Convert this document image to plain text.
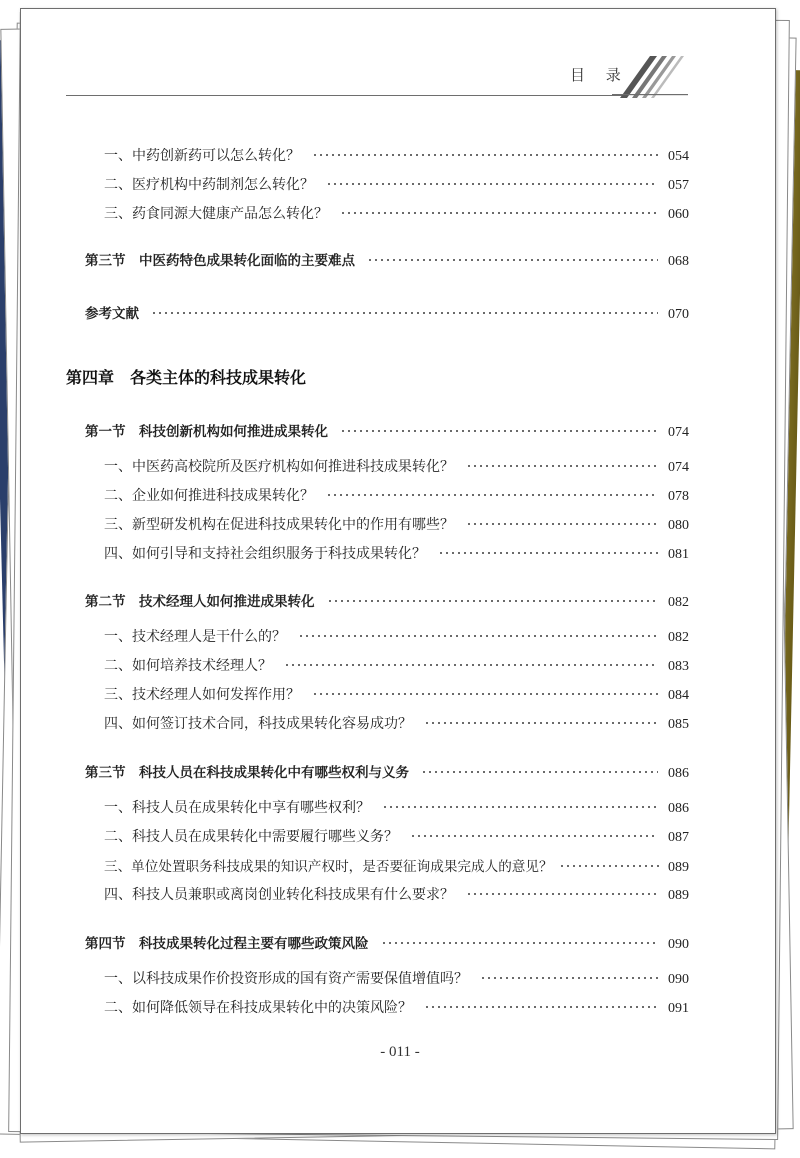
目 录
一、中药创新药可以怎么转化？	054
二、医疗机构中药制剂怎么转化？	057
三、药食同源大健康产品怎么转化？	060
第三节　中医药特色成果转化面临的主要难点	068
参考文献	070
第四章　各类主体的科技成果转化
第一节　科技创新机构如何推进成果转化	074
一、中医药高校院所及医疗机构如何推进科技成果转化？	074
二、企业如何推进科技成果转化？	078
三、新型研发机构在促进科技成果转化中的作用有哪些？	080
四、如何引导和支持社会组织服务于科技成果转化？	081
第二节　技术经理人如何推进成果转化	082
一、技术经理人是干什么的？	082
二、如何培养技术经理人？	083
三、技术经理人如何发挥作用？	084
四、如何签订技术合同，科技成果转化容易成功？	085
第三节　科技人员在科技成果转化中有哪些权利与义务	086
一、科技人员在成果转化中享有哪些权利？	086
二、科技人员在成果转化中需要履行哪些义务？	087
三、单位处置职务科技成果的知识产权时，是否要征询成果完成人的意见？	089
四、科技人员兼职或离岗创业转化科技成果有什么要求？	089
第四节　科技成果转化过程主要有哪些政策风险	090
一、以科技成果作价投资形成的国有资产需要保值增值吗？	090
二、如何降低领导在科技成果转化中的决策风险？	091
- 011 -
